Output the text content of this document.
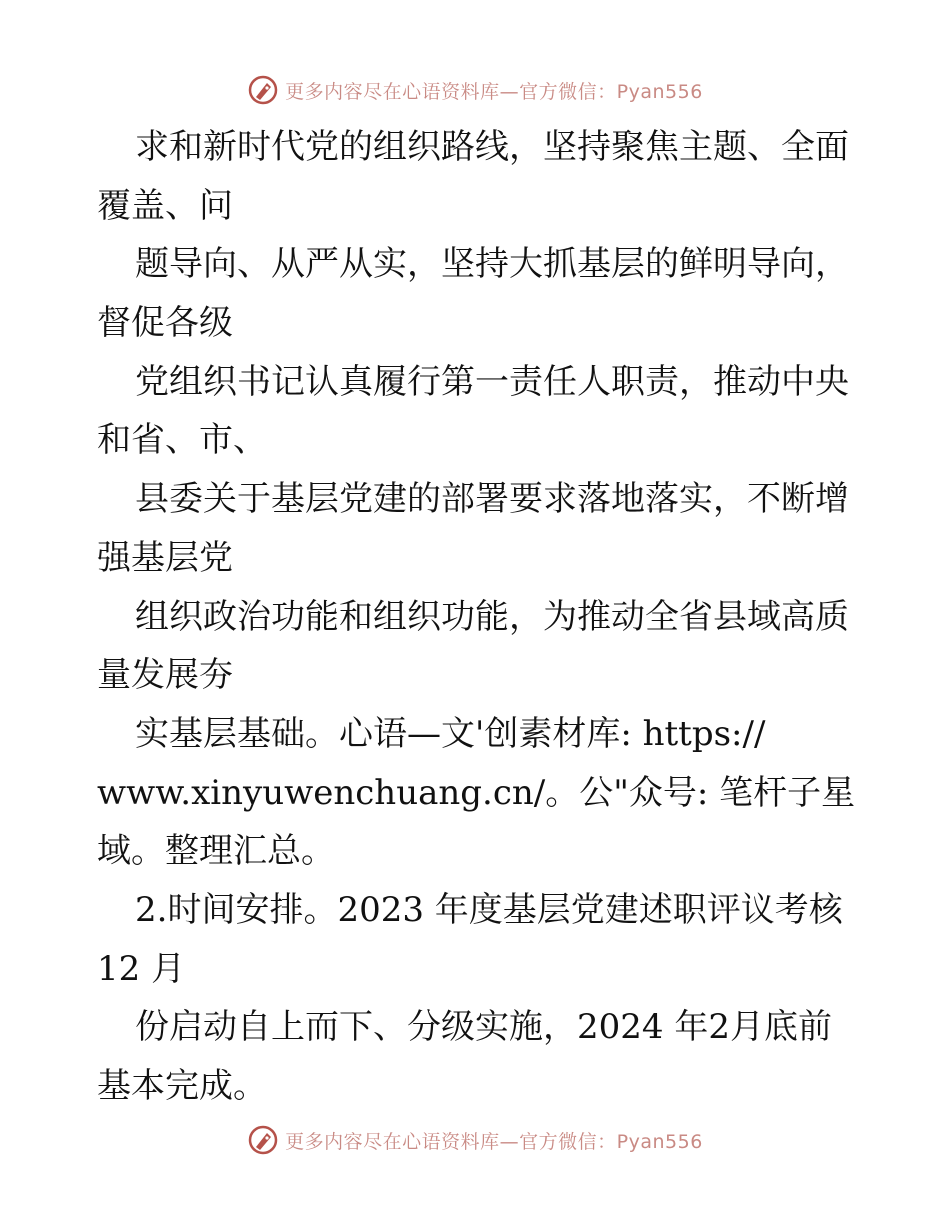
更多内容尽在心语资料库—官方微信：Pyan556
求和新时代党的组织路线，坚持聚焦主题、全面
覆盖、问
题导向、从严从实，坚持大抓基层的鲜明导向，
督促各级
党组织书记认真履行第一责任人职责，推动中央
和省、市、
县委关于基层党建的部署要求落地落实，不断增
强基层党
组织政治功能和组织功能，为推动全省县域高质
量发展夯
实基层基础。心语—文'创素材库: https://
www.xinyuwenchuang.cn/。公"众号: 笔杆子星
域。整理汇总。
2.时间安排。2023 年度基层党建述职评议考核
12 月
份启动自上而下、分级实施，2024 年2月底前
基本完成。
更多内容尽在心语资料库—官方微信：Pyan556
